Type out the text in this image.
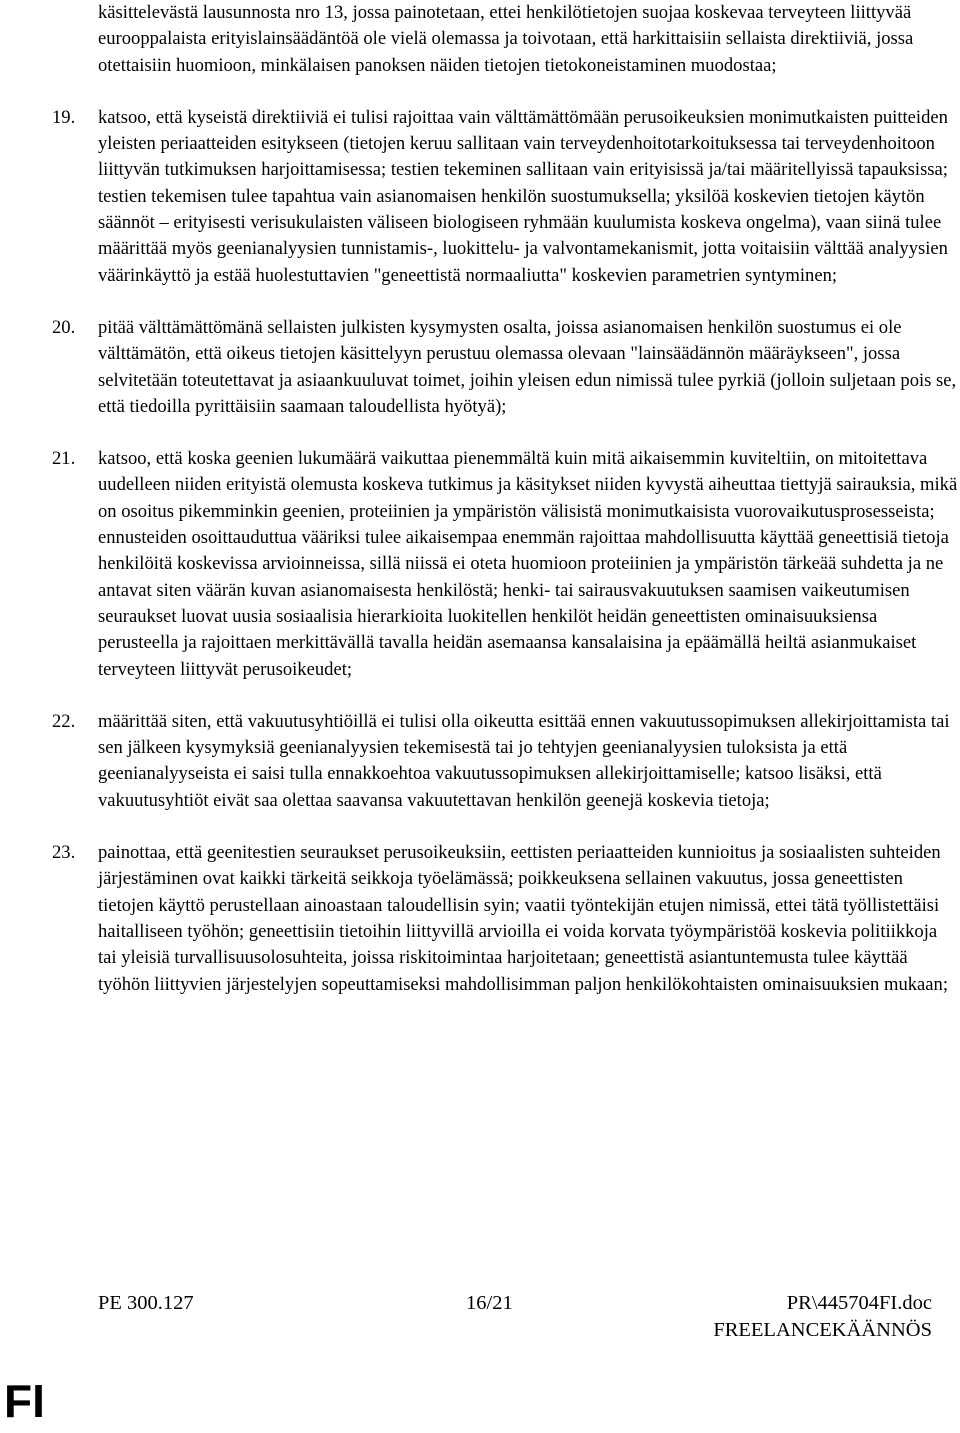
käsittelevästä lausunnosta nro 13, jossa painotetaan, ettei henkilötietojen suojaa koskevaa terveyteen liittyvää eurooppalaista erityislainsäädäntöä ole vielä olemassa ja toivotaan, että harkittaisiin sellaista direktiiviä, jossa otettaisiin huomioon, minkälaisen panoksen näiden tietojen tietokoneistaminen muodostaa;

19. katsoo, että kyseistä direktiiviä ei tulisi rajoittaa vain välttämättömään perusoikeuksien monimutkaisten puitteiden yleisten periaatteiden esitykseen (tietojen keruu sallitaan vain terveydenhoitotarkoituksessa tai terveydenhoitoon liittyvän tutkimuksen harjoittamisessa; testien tekeminen sallitaan vain erityisissä ja/tai määritellyissä tapauksissa; testien tekemisen tulee tapahtua vain asianomaisen henkilön suostumuksella; yksilöä koskevien tietojen käytön säännöt – erityisesti verisukulaisten väliseen biologiseen ryhmään kuulumista koskeva ongelma), vaan siinä tulee määrittää myös geenianalyysien tunnistamis-, luokittelu- ja valvontamekanismit, jotta voitaisiin välttää analyysien väärinkäyttö ja estää huolestuttavien "geneettistä normaaliutta" koskevien parametrien syntyminen;

20. pitää välttämättömänä sellaisten julkisten kysymysten osalta, joissa asianomaisen henkilön suostumus ei ole välttämätön, että oikeus tietojen käsittelyyn perustuu olemassa olevaan "lainsäädännön määräykseen", jossa selvitetään toteutettavat ja asiaankuuluvat toimet, joihin yleisen edun nimissä tulee pyrkiä (jolloin suljetaan pois se, että tiedoilla pyrittäisiin saamaan taloudellista hyötyä);

21. katsoo, että koska geenien lukumäärä vaikuttaa pienemmältä kuin mitä aikaisemmin kuviteltiin, on mitoitettava uudelleen niiden erityistä olemusta koskeva tutkimus ja käsitykset niiden kyvystä aiheuttaa tiettyjä sairauksia, mikä on osoitus pikemminkin geenien, proteiinien ja ympäristön välisistä monimutkaisista vuorovaikutusprosesseista; ennusteiden osoittauduttua vääriksi tulee aikaisempaa enemmän rajoittaa mahdollisuutta käyttää geneettisiä tietoja henkilöitä koskevissa arvioinneissa, sillä niissä ei oteta huomioon proteiinien ja ympäristön tärkeää suhdetta ja ne antavat siten väärän kuvan asianomaisesta henkilöstä; henki- tai sairausvakuutuksen saamisen vaikeutumisen seuraukset luovat uusia sosiaalisia hierarkioita luokitellen henkilöt heidän geneettisten ominaisuuksiensa perusteella ja rajoittaen merkittävällä tavalla heidän asemaansa kansalaisina ja epäämällä heiltä asianmukaiset terveyteen liittyvät perusoikeudet;

22. määrittää siten, että vakuutusyhtiöillä ei tulisi olla oikeutta esittää ennen vakuutussopimuksen allekirjoittamista tai sen jälkeen kysymyksiä geenianalyysien tekemisestä tai jo tehtyjen geenianalyysien tuloksista ja että geenianalyyseista ei saisi tulla ennakkoehtoa vakuutussopimuksen allekirjoittamiselle; katsoo lisäksi, että vakuutusyhtiöt eivät saa olettaa saavansa vakuutettavan henkilön geenejä koskevia tietoja;

23. painottaa, että geenitestien seuraukset perusoikeuksiin, eettisten periaatteiden kunnioitus ja sosiaalisten suhteiden järjestäminen ovat kaikki tärkeitä seikkoja työelämässä; poikkeuksena sellainen vakuutus, jossa geneettisten tietojen käyttö perustellaan ainoastaan taloudellisin syin; vaatii työntekijän etujen nimissä, ettei tätä työllistettäisi haitalliseen työhön; geneettisiin tietoihin liittyvillä arvioilla ei voida korvata työympäristöä koskevia politiikkoja tai yleisiä turvallisuusolosuhteita, joissa riskitoimintaa harjoitetaan; geneettistä asiantuntemusta tulee käyttää työhön liittyvien järjestelyjen sopeuttamiseksi mahdollisimman paljon henkilökohtaisten ominaisuuksien mukaan;

PE 300.127	16/21	PR\445704FI.doc
FREELANCEKÄÄNNÖS
FI
